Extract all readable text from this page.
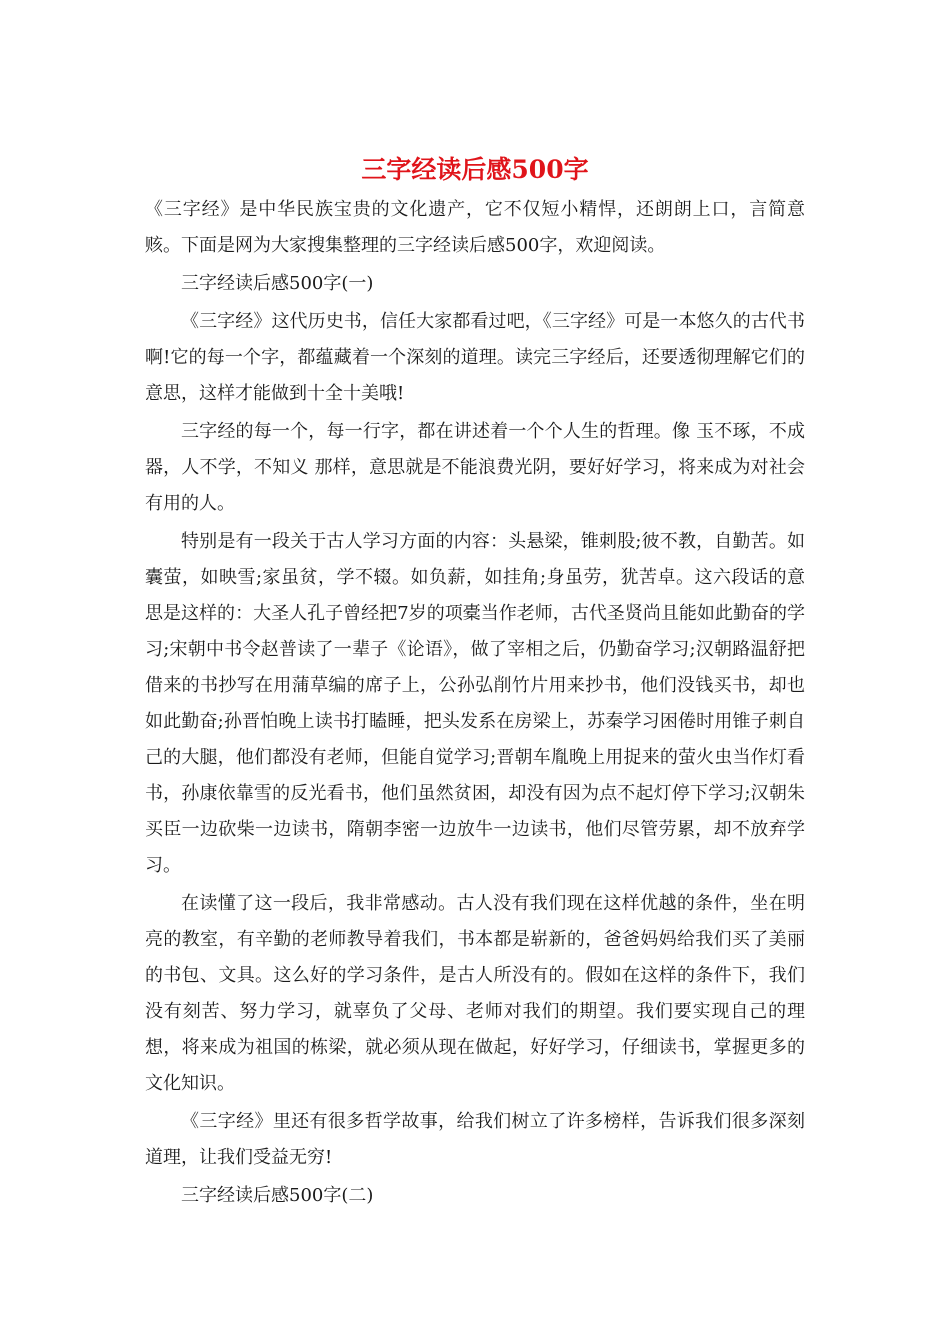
三字经读后感500字

《三字经》是中华民族宝贵的文化遗产，它不仅短小精悍，还朗朗上口，言简意赅。下面是网为大家搜集整理的三字经读后感500字，欢迎阅读。

三字经读后感500字(一)

《三字经》这代历史书，信任大家都看过吧，《三字经》可是一本悠久的古代书啊!它的每一个字，都蕴藏着一个深刻的道理。读完三字经后，还要透彻理解它们的意思，这样才能做到十全十美哦!

三字经的每一个，每一行字，都在讲述着一个个人生的哲理。像 玉不琢，不成器，人不学，不知义 那样，意思就是不能浪费光阴，要好好学习，将来成为对社会有用的人。

特别是有一段关于古人学习方面的内容：头悬梁，锥刺股;彼不教，自勤苦。如囊萤，如映雪;家虽贫，学不辍。如负薪，如挂角;身虽劳，犹苦卓。这六段话的意思是这样的：大圣人孔子曾经把7岁的项橐当作老师，古代圣贤尚且能如此勤奋的学习;宋朝中书令赵普读了一辈子《论语》，做了宰相之后，仍勤奋学习;汉朝路温舒把借来的书抄写在用蒲草编的席子上，公孙弘削竹片用来抄书，他们没钱买书，却也如此勤奋;孙晋怕晚上读书打瞌睡，把头发系在房梁上，苏秦学习困倦时用锥子刺自己的大腿，他们都没有老师，但能自觉学习;晋朝车胤晚上用捉来的萤火虫当作灯看书，孙康依靠雪的反光看书，他们虽然贫困，却没有因为点不起灯停下学习;汉朝朱买臣一边砍柴一边读书，隋朝李密一边放牛一边读书，他们尽管劳累，却不放弃学习。

在读懂了这一段后，我非常感动。古人没有我们现在这样优越的条件，坐在明亮的教室，有辛勤的老师教导着我们，书本都是崭新的，爸爸妈妈给我们买了美丽的书包、文具。这么好的学习条件，是古人所没有的。假如在这样的条件下，我们没有刻苦、努力学习，就辜负了父母、老师对我们的期望。我们要实现自己的理想，将来成为祖国的栋梁，就必须从现在做起，好好学习，仔细读书，掌握更多的文化知识。

《三字经》里还有很多哲学故事，给我们树立了许多榜样，告诉我们很多深刻道理，让我们受益无穷!

三字经读后感500字(二)
